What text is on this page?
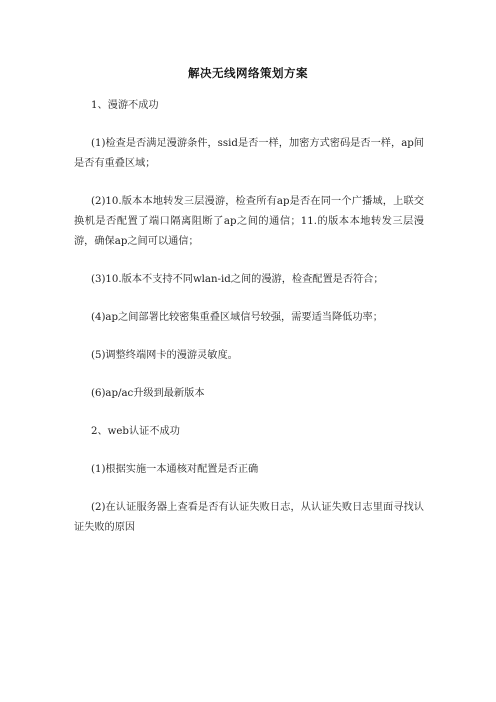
解决无线网络策划方案

1、漫游不成功

(1)检查是否满足漫游条件，ssid是否一样，加密方式密码是否一样，ap间是否有重叠区域；

(2)10.版本本地转发三层漫游，检查所有ap是否在同一个广播域，上联交换机是否配置了端口隔离阻断了ap之间的通信；11.的版本本地转发三层漫游，确保ap之间可以通信；

(3)10.版本不支持不同wlan-id之间的漫游，检查配置是否符合；

(4)ap之间部署比较密集重叠区域信号较强，需要适当降低功率；

(5)调整终端网卡的漫游灵敏度。

(6)ap/ac升级到最新版本

2、web认证不成功

(1)根据实施一本通核对配置是否正确

(2)在认证服务器上查看是否有认证失败日志，从认证失败日志里面寻找认证失败的原因
